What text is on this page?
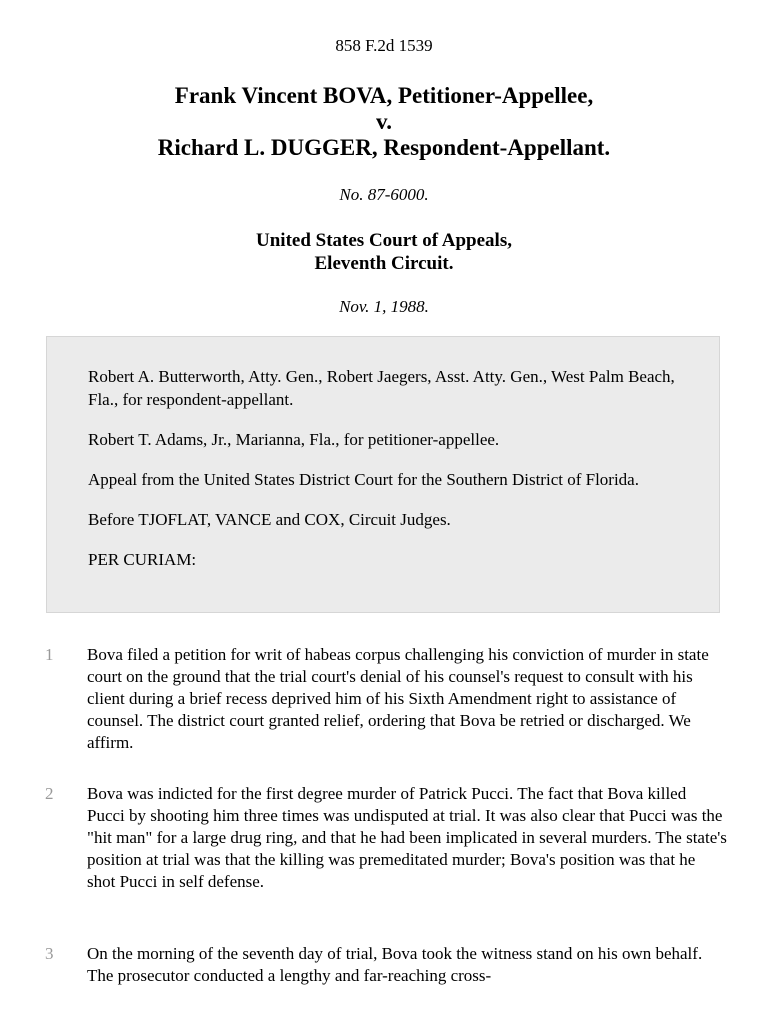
858 F.2d 1539
Frank Vincent BOVA, Petitioner-Appellee,
v.
Richard L. DUGGER, Respondent-Appellant.
No. 87-6000.
United States Court of Appeals,
Eleventh Circuit.
Nov. 1, 1988.

Robert A. Butterworth, Atty. Gen., Robert Jaegers, Asst. Atty. Gen., West Palm Beach, Fla., for respondent-appellant.

Robert T. Adams, Jr., Marianna, Fla., for petitioner-appellee.

Appeal from the United States District Court for the Southern District of Florida.

Before TJOFLAT, VANCE and COX, Circuit Judges.

PER CURIAM:

1 Bova filed a petition for writ of habeas corpus challenging his conviction of murder in state court on the ground that the trial court's denial of his counsel's request to consult with his client during a brief recess deprived him of his Sixth Amendment right to assistance of counsel. The district court granted relief, ordering that Bova be retried or discharged. We affirm.
2 Bova was indicted for the first degree murder of Patrick Pucci. The fact that Bova killed Pucci by shooting him three times was undisputed at trial. It was also clear that Pucci was the "hit man" for a large drug ring, and that he had been implicated in several murders. The state's position at trial was that the killing was premeditated murder; Bova's position was that he shot Pucci in self defense.
3 On the morning of the seventh day of trial, Bova took the witness stand on his own behalf. The prosecutor conducted a lengthy and far-reaching cross-
